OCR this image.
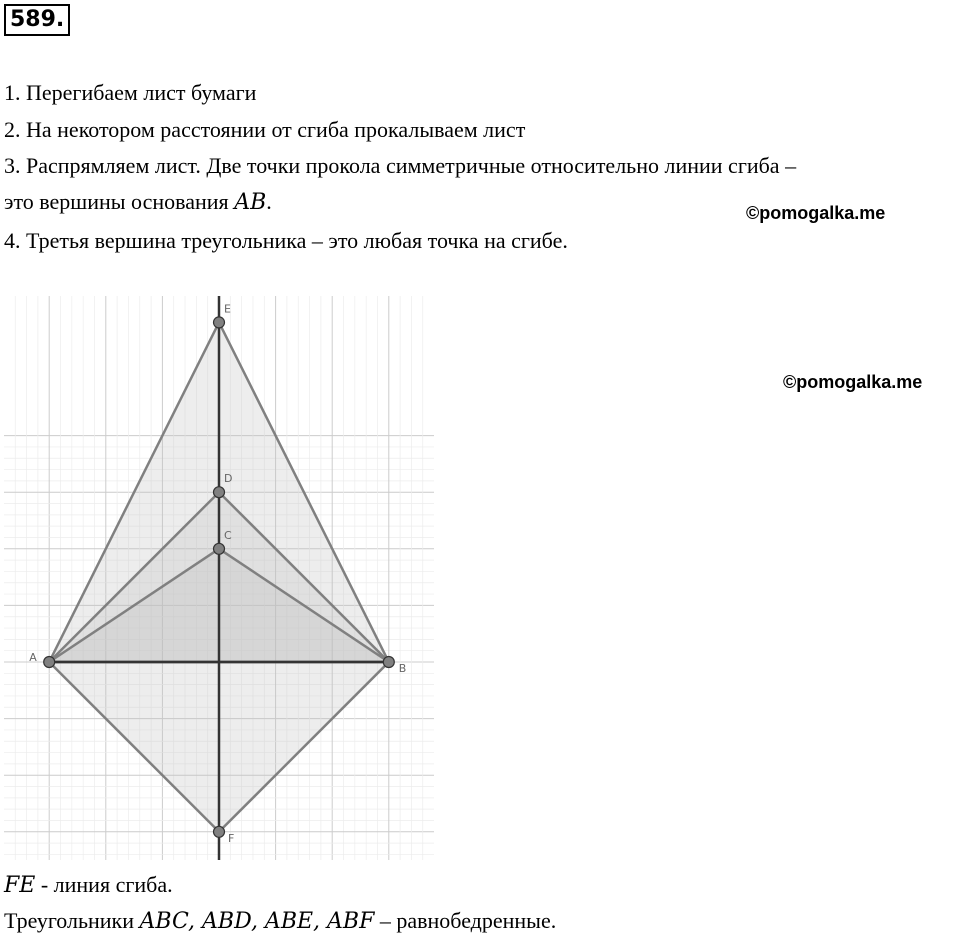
589.
1. Перегибаем лист бумаги
2. На некотором расстоянии от сгиба прокалываем лист
3. Распрямляем лист. Две точки прокола симметричные относительно линии сгиба –
это вершины основания AB.
4. Третья вершина треугольника – это любая точка на сгибе.
©pomogalka.me
©pomogalka.me
A
B
C
D
E
F
FE - линия сгиба.
Треугольники ABC, ABD, ABE, ABF – равнобедренные.
